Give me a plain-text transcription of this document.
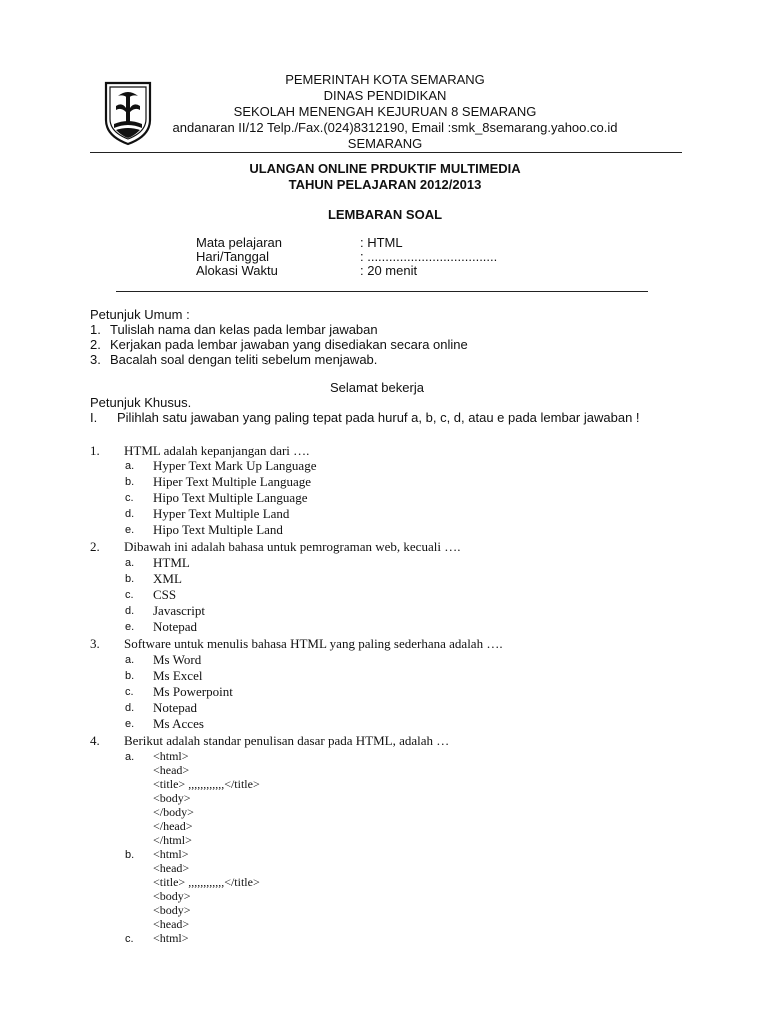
PEMERINTAH KOTA SEMARANG
DINAS PENDIDIKAN
SEKOLAH MENENGAH KEJURUAN 8 SEMARANG
andanaran II/12 Telp./Fax.(024)8312190, Email :smk_8semarang.yahoo.co.id
SEMARANG
ULANGAN ONLINE PRDUKTIF MULTIMEDIA
TAHUN PELAJARAN 2012/2013
LEMBARAN SOAL
Mata pelajaran	: HTML
Hari/Tanggal	: ....................................
Alokasi Waktu	: 20 menit
Petunjuk Umum :
1. Tulislah nama dan kelas pada lembar jawaban
2. Kerjakan pada lembar jawaban yang disediakan secara online
3. Bacalah soal dengan teliti sebelum menjawab.
Selamat bekerja
Petunjuk Khusus.
I. Pilihlah satu jawaban yang paling tepat pada huruf a, b, c, d, atau e pada lembar jawaban !
1. HTML adalah kepanjangan dari ….
a. Hyper Text Mark Up Language
b. Hiper Text Multiple Language
c. Hipo Text Multiple Language
d. Hyper Text Multiple Land
e. Hipo Text Multiple Land
2. Dibawah ini adalah bahasa untuk pemrograman web, kecuali ….
a. HTML
b. XML
c. CSS
d. Javascript
e. Notepad
3. Software untuk menulis bahasa HTML yang paling sederhana adalah ….
a. Ms Word
b. Ms Excel
c. Ms Powerpoint
d. Notepad
e. Ms Acces
4. Berikut adalah standar penulisan dasar pada HTML, adalah …
a. <html>
<head>
<title> ,,,,,,,,,,,,</title>
<body>
</body>
</head>
</html>
b. <html>
<head>
<title> ,,,,,,,,,,,,</title>
<body>
<body>
<head>
c. <html>
